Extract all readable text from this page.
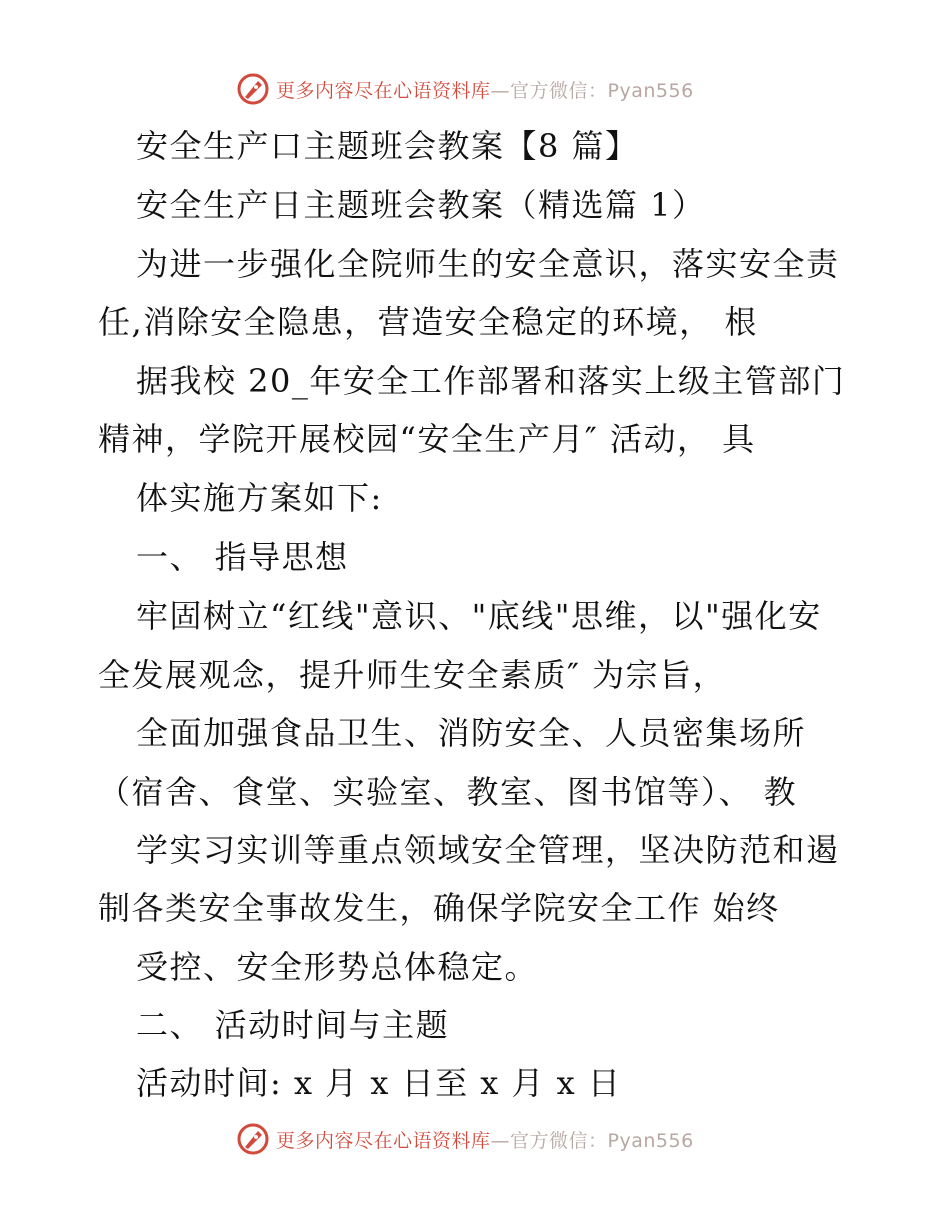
更多内容尽在心语资料库—官方微信：Pyan556
安全生产口主题班会教案【8 篇】
安全生产日主题班会教案（精选篇 1）
为进一步强化全院师生的安全意识，落实安全责
任,消除安全隐患，营造安全稳定的环境， 根
据我校 20_年安全工作部署和落实上级主管部门
精神，学院开展校园“安全生产月″ 活动， 具
体实施方案如下:
一、 指导思想
牢固树立“红线"意识、"底线"思维，以"强化安
全发展观念，提升师生安全素质″ 为宗旨，
全面加强食品卫生、消防安全、人员密集场所
（宿舍、食堂、实验室、教室、图书馆等）、 教
学实习实训等重点领域安全管理，坚决防范和遏
制各类安全事故发生，确保学院安全工作 始终
受控、安全形势总体稳定。
二、 活动时间与主题
活动时间: x 月 x 日至 x 月 x 日
更多内容尽在心语资料库—官方微信：Pyan556
